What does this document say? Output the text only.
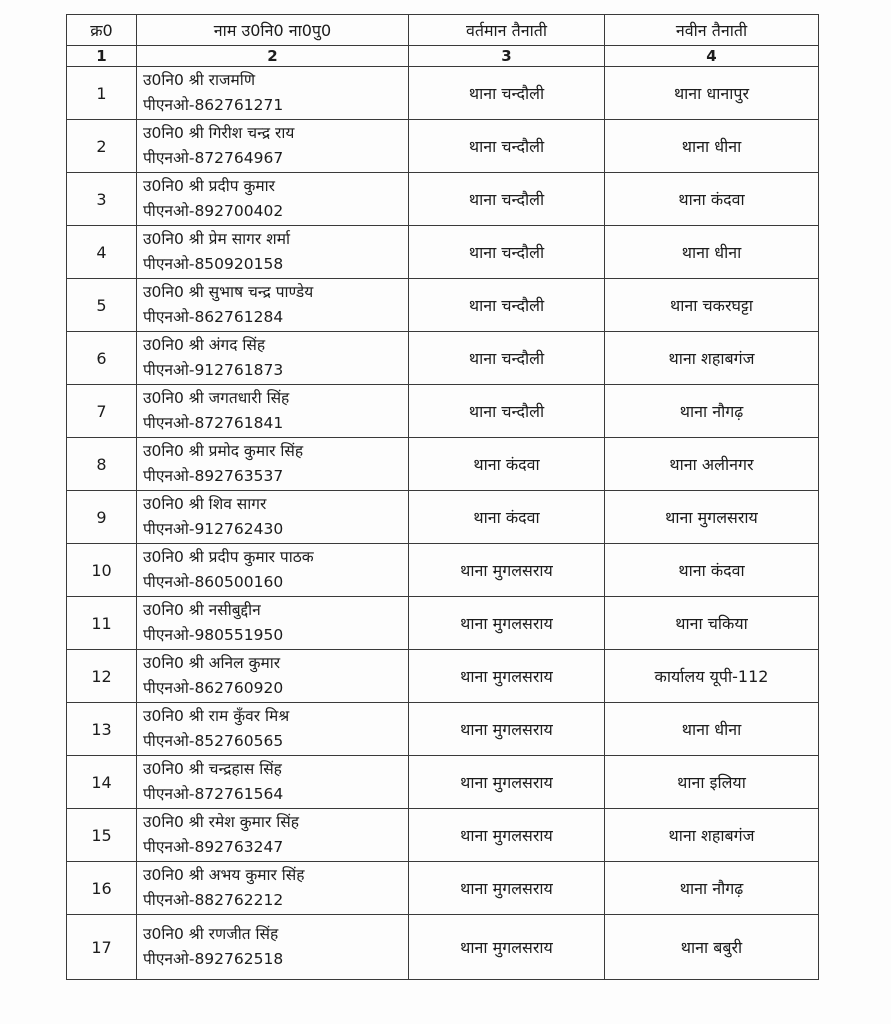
क्र0	नाम उ0नि0 ना0पु0	वर्तमान तैनाती	नवीन तैनाती
1	2	3	4
1	उ0नि0 श्री राजमणि
पीएनओ-862761271	थाना चन्दौली	थाना धानापुर
2	उ0नि0 श्री गिरीश चन्द्र राय
पीएनओ-872764967	थाना चन्दौली	थाना धीना
3	उ0नि0 श्री प्रदीप कुमार
पीएनओ-892700402	थाना चन्दौली	थाना कंदवा
4	उ0नि0 श्री प्रेम सागर शर्मा
पीएनओ-850920158	थाना चन्दौली	थाना धीना
5	उ0नि0 श्री सुभाष चन्द्र पाण्डेय
पीएनओ-862761284	थाना चन्दौली	थाना चकरघट्टा
6	उ0नि0 श्री अंगद सिंह
पीएनओ-912761873	थाना चन्दौली	थाना शहाबगंज
7	उ0नि0 श्री जगतधारी सिंह
पीएनओ-872761841	थाना चन्दौली	थाना नौगढ़
8	उ0नि0 श्री प्रमोद कुमार सिंह
पीएनओ-892763537	थाना कंदवा	थाना अलीनगर
9	उ0नि0 श्री शिव सागर
पीएनओ-912762430	थाना कंदवा	थाना मुगलसराय
10	उ0नि0 श्री प्रदीप कुमार पाठक
पीएनओ-860500160	थाना मुगलसराय	थाना कंदवा
11	उ0नि0 श्री नसीबुद्दीन
पीएनओ-980551950	थाना मुगलसराय	थाना चकिया
12	उ0नि0 श्री अनिल कुमार
पीएनओ-862760920	थाना मुगलसराय	कार्यालय यूपी-112
13	उ0नि0 श्री राम कुँवर मिश्र
पीएनओ-852760565	थाना मुगलसराय	थाना धीना
14	उ0नि0 श्री चन्द्रहास सिंह
पीएनओ-872761564	थाना मुगलसराय	थाना इलिया
15	उ0नि0 श्री रमेश कुमार सिंह
पीएनओ-892763247	थाना मुगलसराय	थाना शहाबगंज
16	उ0नि0 श्री अभय कुमार सिंह
पीएनओ-882762212	थाना मुगलसराय	थाना नौगढ़
17	उ0नि0 श्री रणजीत सिंह
पीएनओ-892762518	थाना मुगलसराय	थाना बबुरी
